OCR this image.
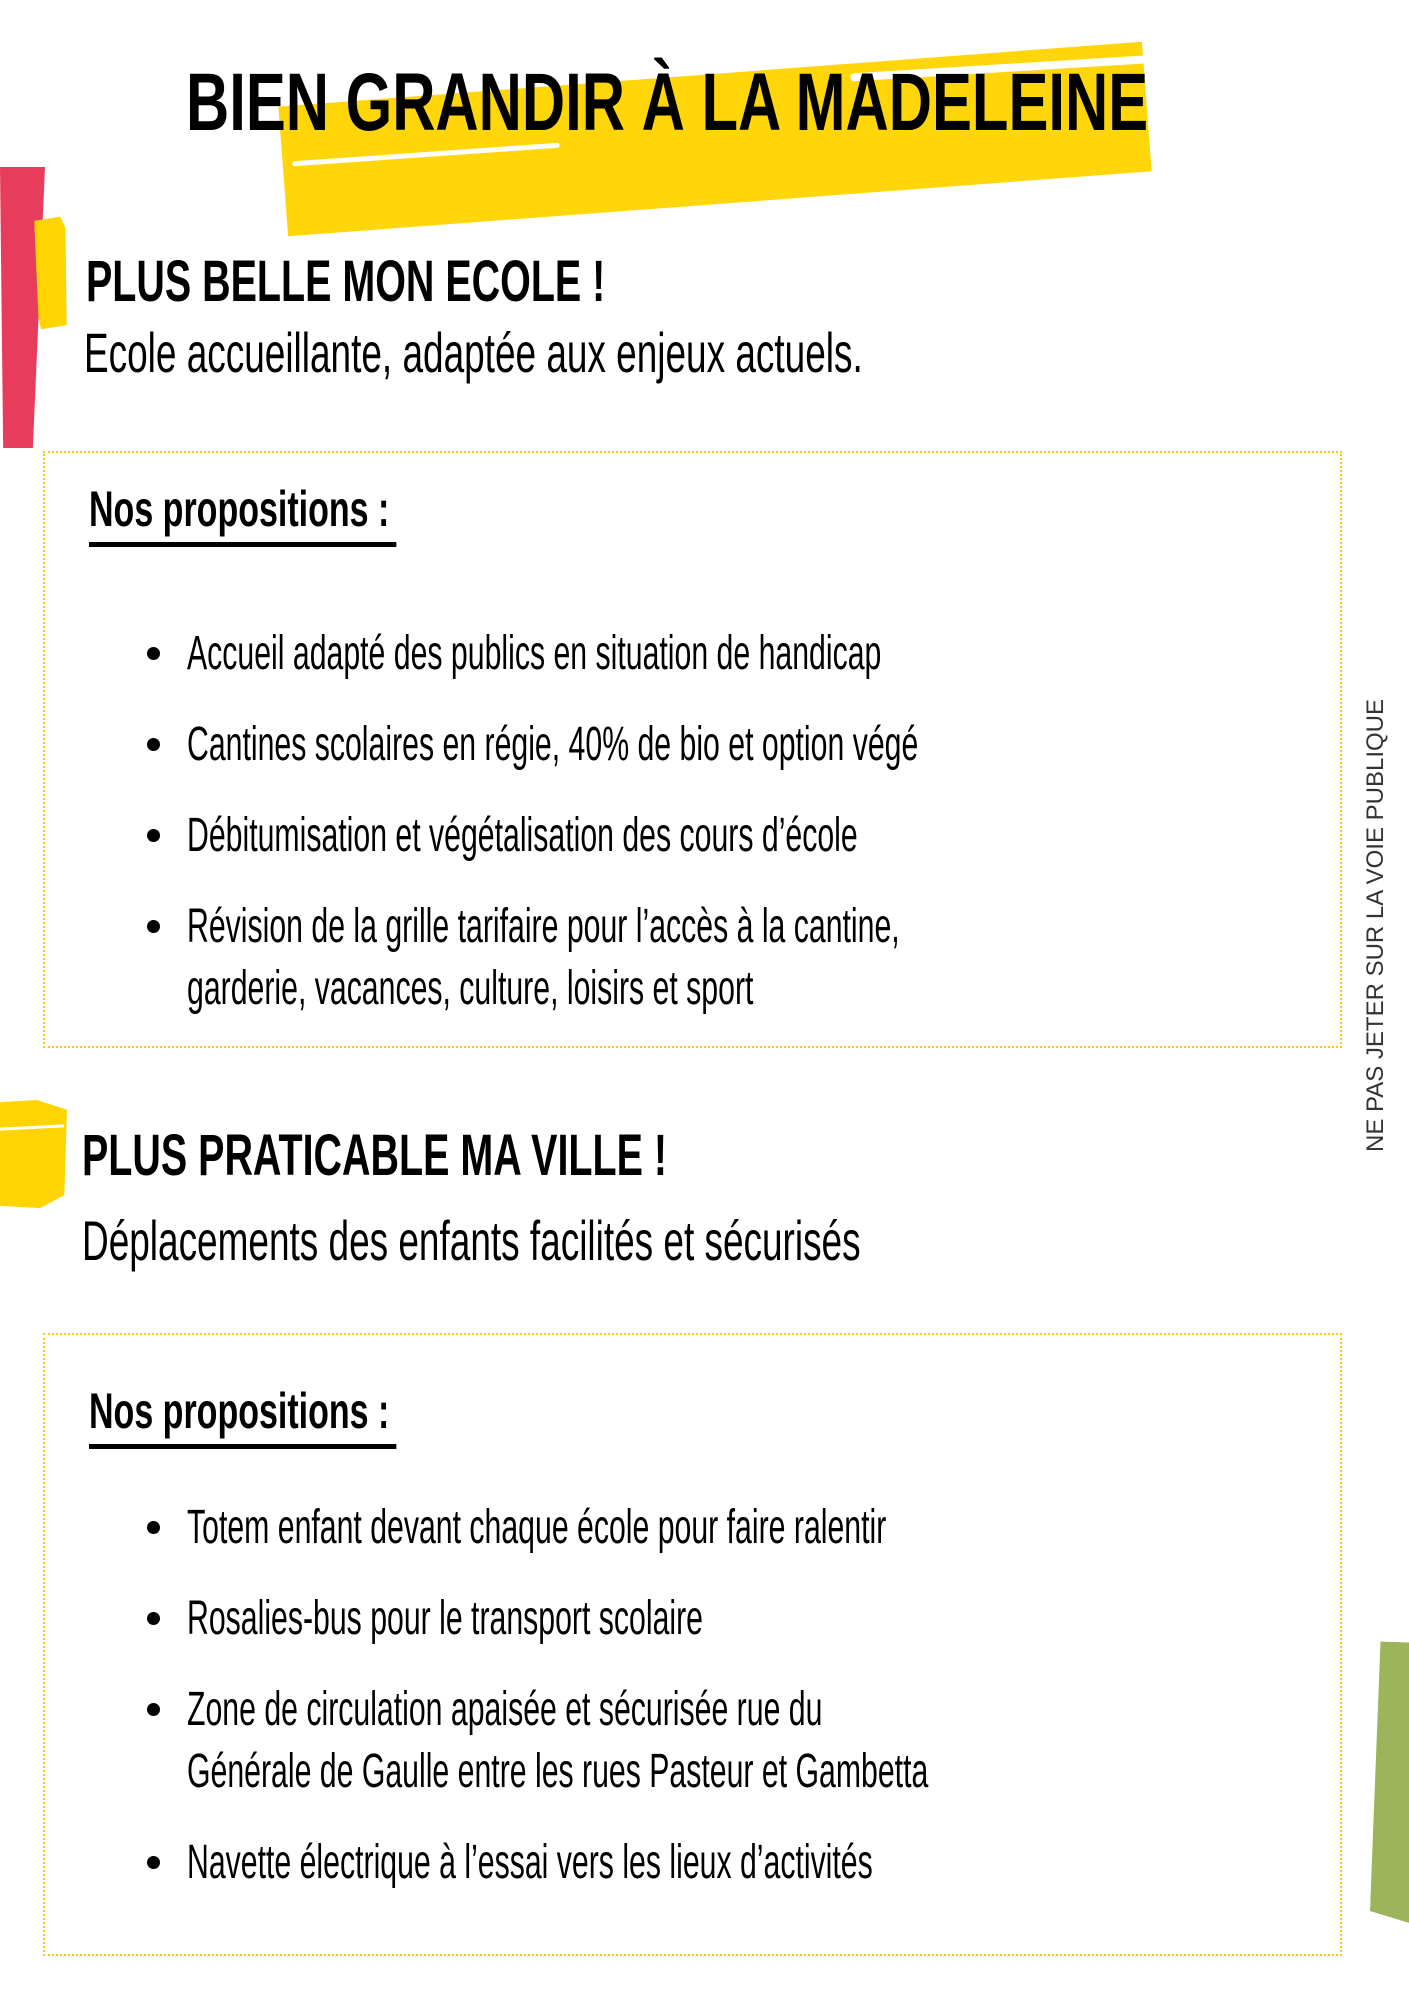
BIEN GRANDIR À LA MADELEINE
PLUS BELLE MON ECOLE !
Ecole accueillante, adaptée aux enjeux actuels.
Nos propositions :
Accueil adapté des publics en situation de handicap
Cantines scolaires en régie, 40% de bio et option végé
Débitumisation et végétalisation des cours d’école
Révision de la grille tarifaire pour l’accès à la cantine,
garderie, vacances, culture, loisirs et sport
PLUS PRATICABLE MA VILLE !
Déplacements des enfants facilités et sécurisés
Nos propositions :
Totem enfant devant chaque école pour faire ralentir
Rosalies-bus pour le transport scolaire
Zone de circulation apaisée et sécurisée rue du
Générale de Gaulle entre les rues Pasteur et Gambetta
Navette électrique à l’essai vers les lieux d’activités
NE PAS JETER SUR LA VOIE PUBLIQUE
